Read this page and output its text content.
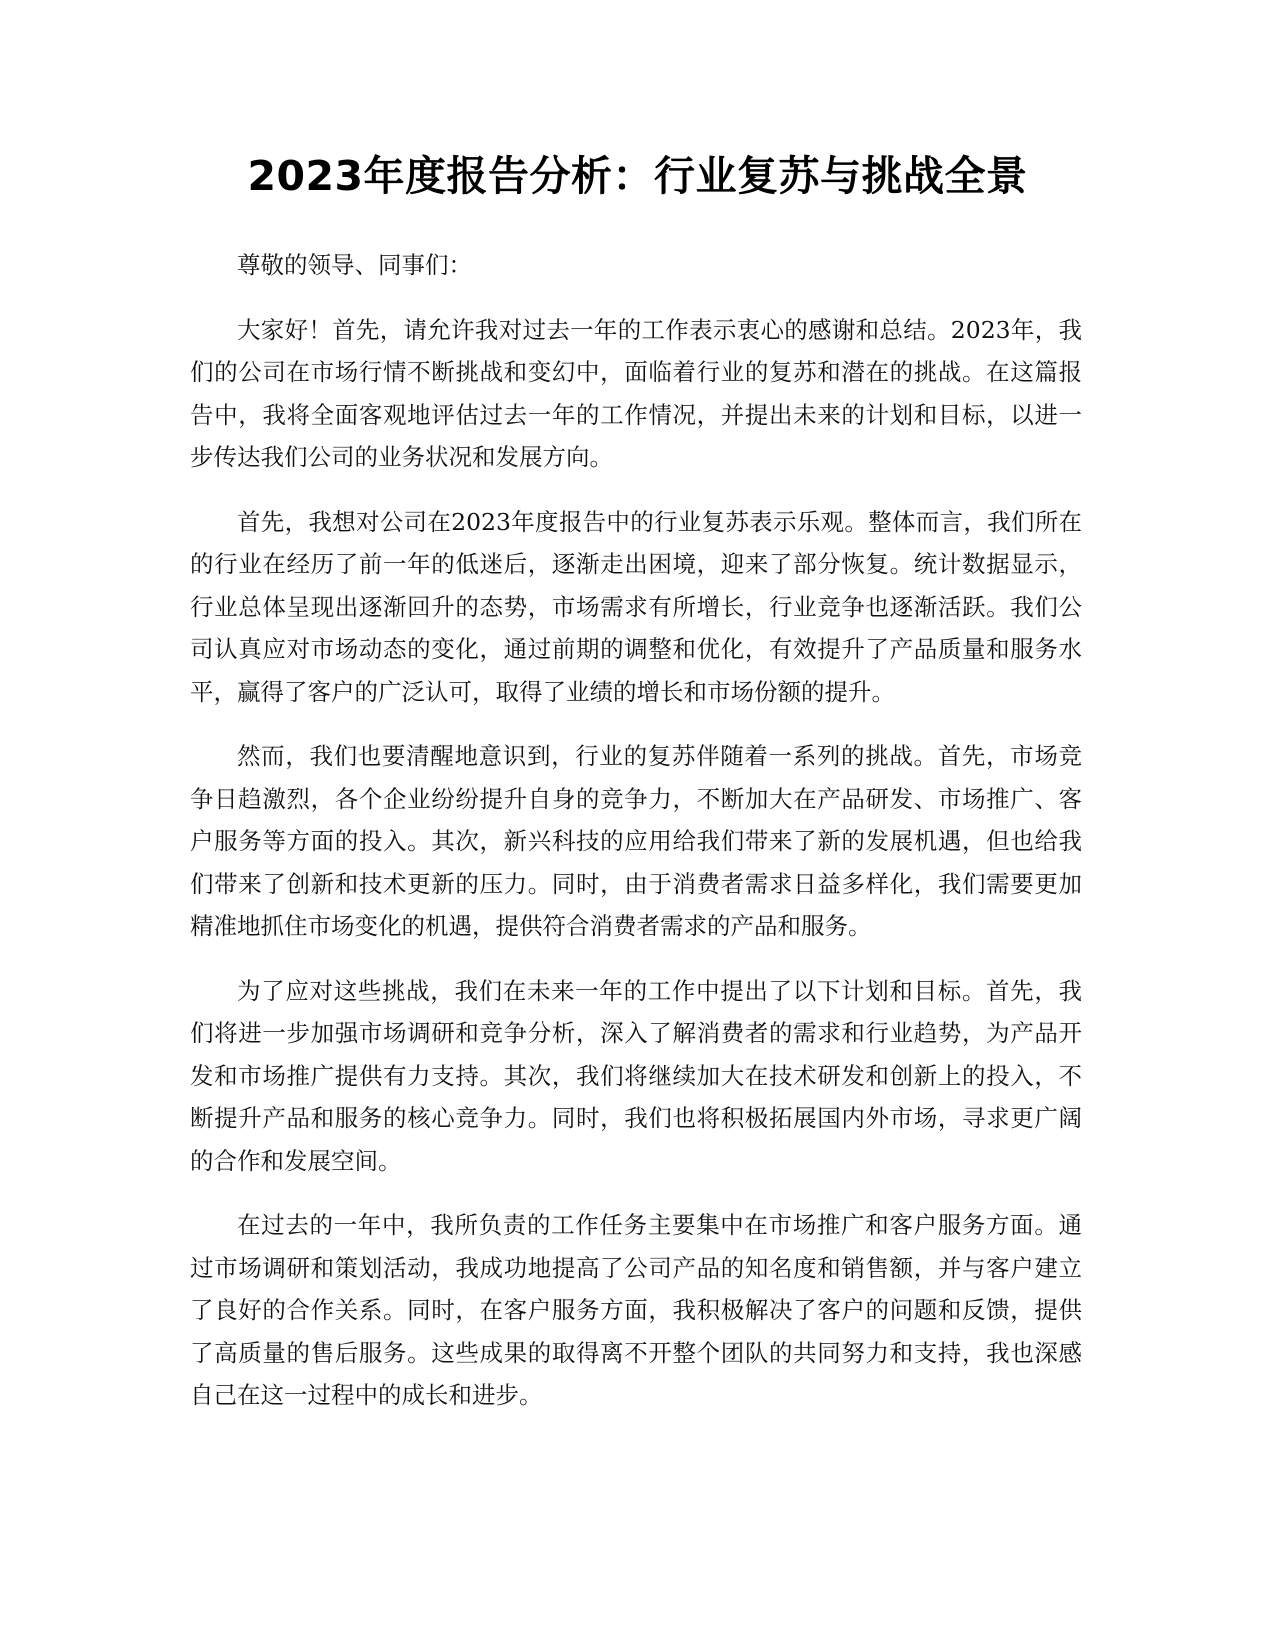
2023年度报告分析：行业复苏与挑战全景

尊敬的领导、同事们：

大家好！首先，请允许我对过去一年的工作表示衷心的感谢和总结。2023年，我们的公司在市场行情不断挑战和变幻中，面临着行业的复苏和潜在的挑战。在这篇报告中，我将全面客观地评估过去一年的工作情况，并提出未来的计划和目标，以进一步传达我们公司的业务状况和发展方向。

首先，我想对公司在2023年度报告中的行业复苏表示乐观。整体而言，我们所在的行业在经历了前一年的低迷后，逐渐走出困境，迎来了部分恢复。统计数据显示，行业总体呈现出逐渐回升的态势，市场需求有所增长，行业竞争也逐渐活跃。我们公司认真应对市场动态的变化，通过前期的调整和优化，有效提升了产品质量和服务水平，赢得了客户的广泛认可，取得了业绩的增长和市场份额的提升。

然而，我们也要清醒地意识到，行业的复苏伴随着一系列的挑战。首先，市场竞争日趋激烈，各个企业纷纷提升自身的竞争力，不断加大在产品研发、市场推广、客户服务等方面的投入。其次，新兴科技的应用给我们带来了新的发展机遇，但也给我们带来了创新和技术更新的压力。同时，由于消费者需求日益多样化，我们需要更加精准地抓住市场变化的机遇，提供符合消费者需求的产品和服务。

为了应对这些挑战，我们在未来一年的工作中提出了以下计划和目标。首先，我们将进一步加强市场调研和竞争分析，深入了解消费者的需求和行业趋势，为产品开发和市场推广提供有力支持。其次，我们将继续加大在技术研发和创新上的投入，不断提升产品和服务的核心竞争力。同时，我们也将积极拓展国内外市场，寻求更广阔的合作和发展空间。

在过去的一年中，我所负责的工作任务主要集中在市场推广和客户服务方面。通过市场调研和策划活动，我成功地提高了公司产品的知名度和销售额，并与客户建立了良好的合作关系。同时，在客户服务方面，我积极解决了客户的问题和反馈，提供了高质量的售后服务。这些成果的取得离不开整个团队的共同努力和支持，我也深感自己在这一过程中的成长和进步。
